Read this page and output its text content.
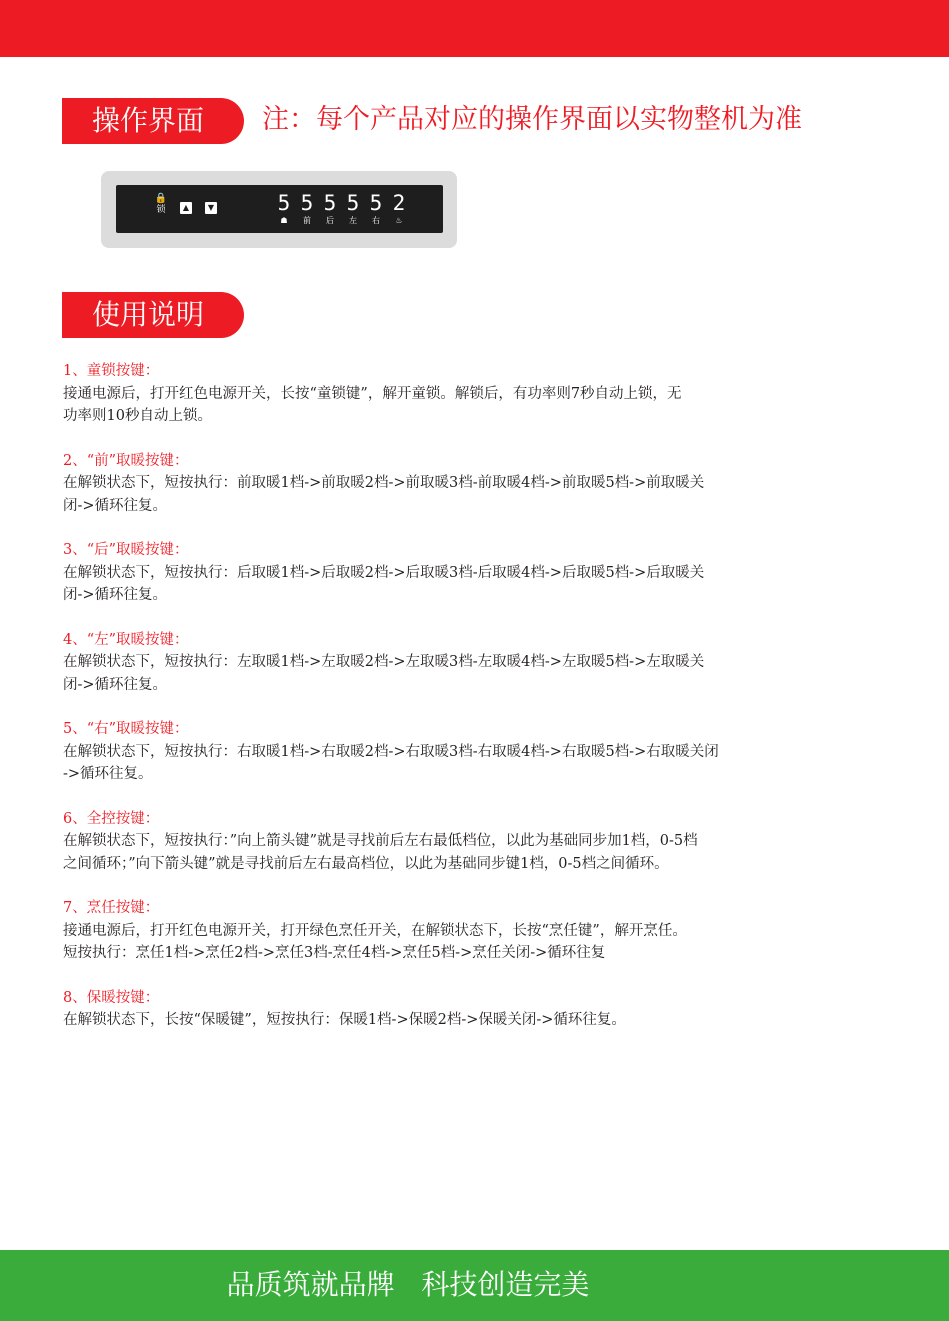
操作界面	注：每个产品对应的操作界面以实物整机为准
🔒
锁	▲	▼	5 5 5 5 5 2
☗	前	后	左	右	♨
使用说明
1、童锁按键：
接通电源后，打开红色电源开关，长按“童锁键”，解开童锁。解锁后，有功率则7秒自动上锁，无
功率则10秒自动上锁。
2、“前”取暖按键：
在解锁状态下，短按执行：前取暖1档->前取暖2档->前取暖3档-前取暖4档->前取暖5档->前取暖关
闭->循环往复。
3、“后”取暖按键：
在解锁状态下，短按执行：后取暖1档->后取暖2档->后取暖3档-后取暖4档->后取暖5档->后取暖关
闭->循环往复。
4、“左”取暖按键：
在解锁状态下，短按执行：左取暖1档->左取暖2档->左取暖3档-左取暖4档->左取暖5档->左取暖关
闭->循环往复。
5、“右”取暖按键：
在解锁状态下，短按执行：右取暖1档->右取暖2档->右取暖3档-右取暖4档->右取暖5档->右取暖关闭
->循环往复。
6、全控按键：
在解锁状态下，短按执行：”向上箭头键”就是寻找前后左右最低档位，以此为基础同步加1档，0-5档
之间循环；”向下箭头键”就是寻找前后左右最高档位，以此为基础同步键1档，0-5档之间循环。
7、烹任按键：
接通电源后，打开红色电源开关，打开绿色烹任开关，在解锁状态下，长按“烹任键”，解开烹任。
短按执行：烹任1档->烹任2档->烹任3档-烹任4档->烹任5档->烹任关闭->循环往复
8、保暖按键：
在解锁状态下，长按“保暖键”，短按执行：保暖1档->保暖2档->保暖关闭->循环往复。
品质筑就品牌   科技创造完美
